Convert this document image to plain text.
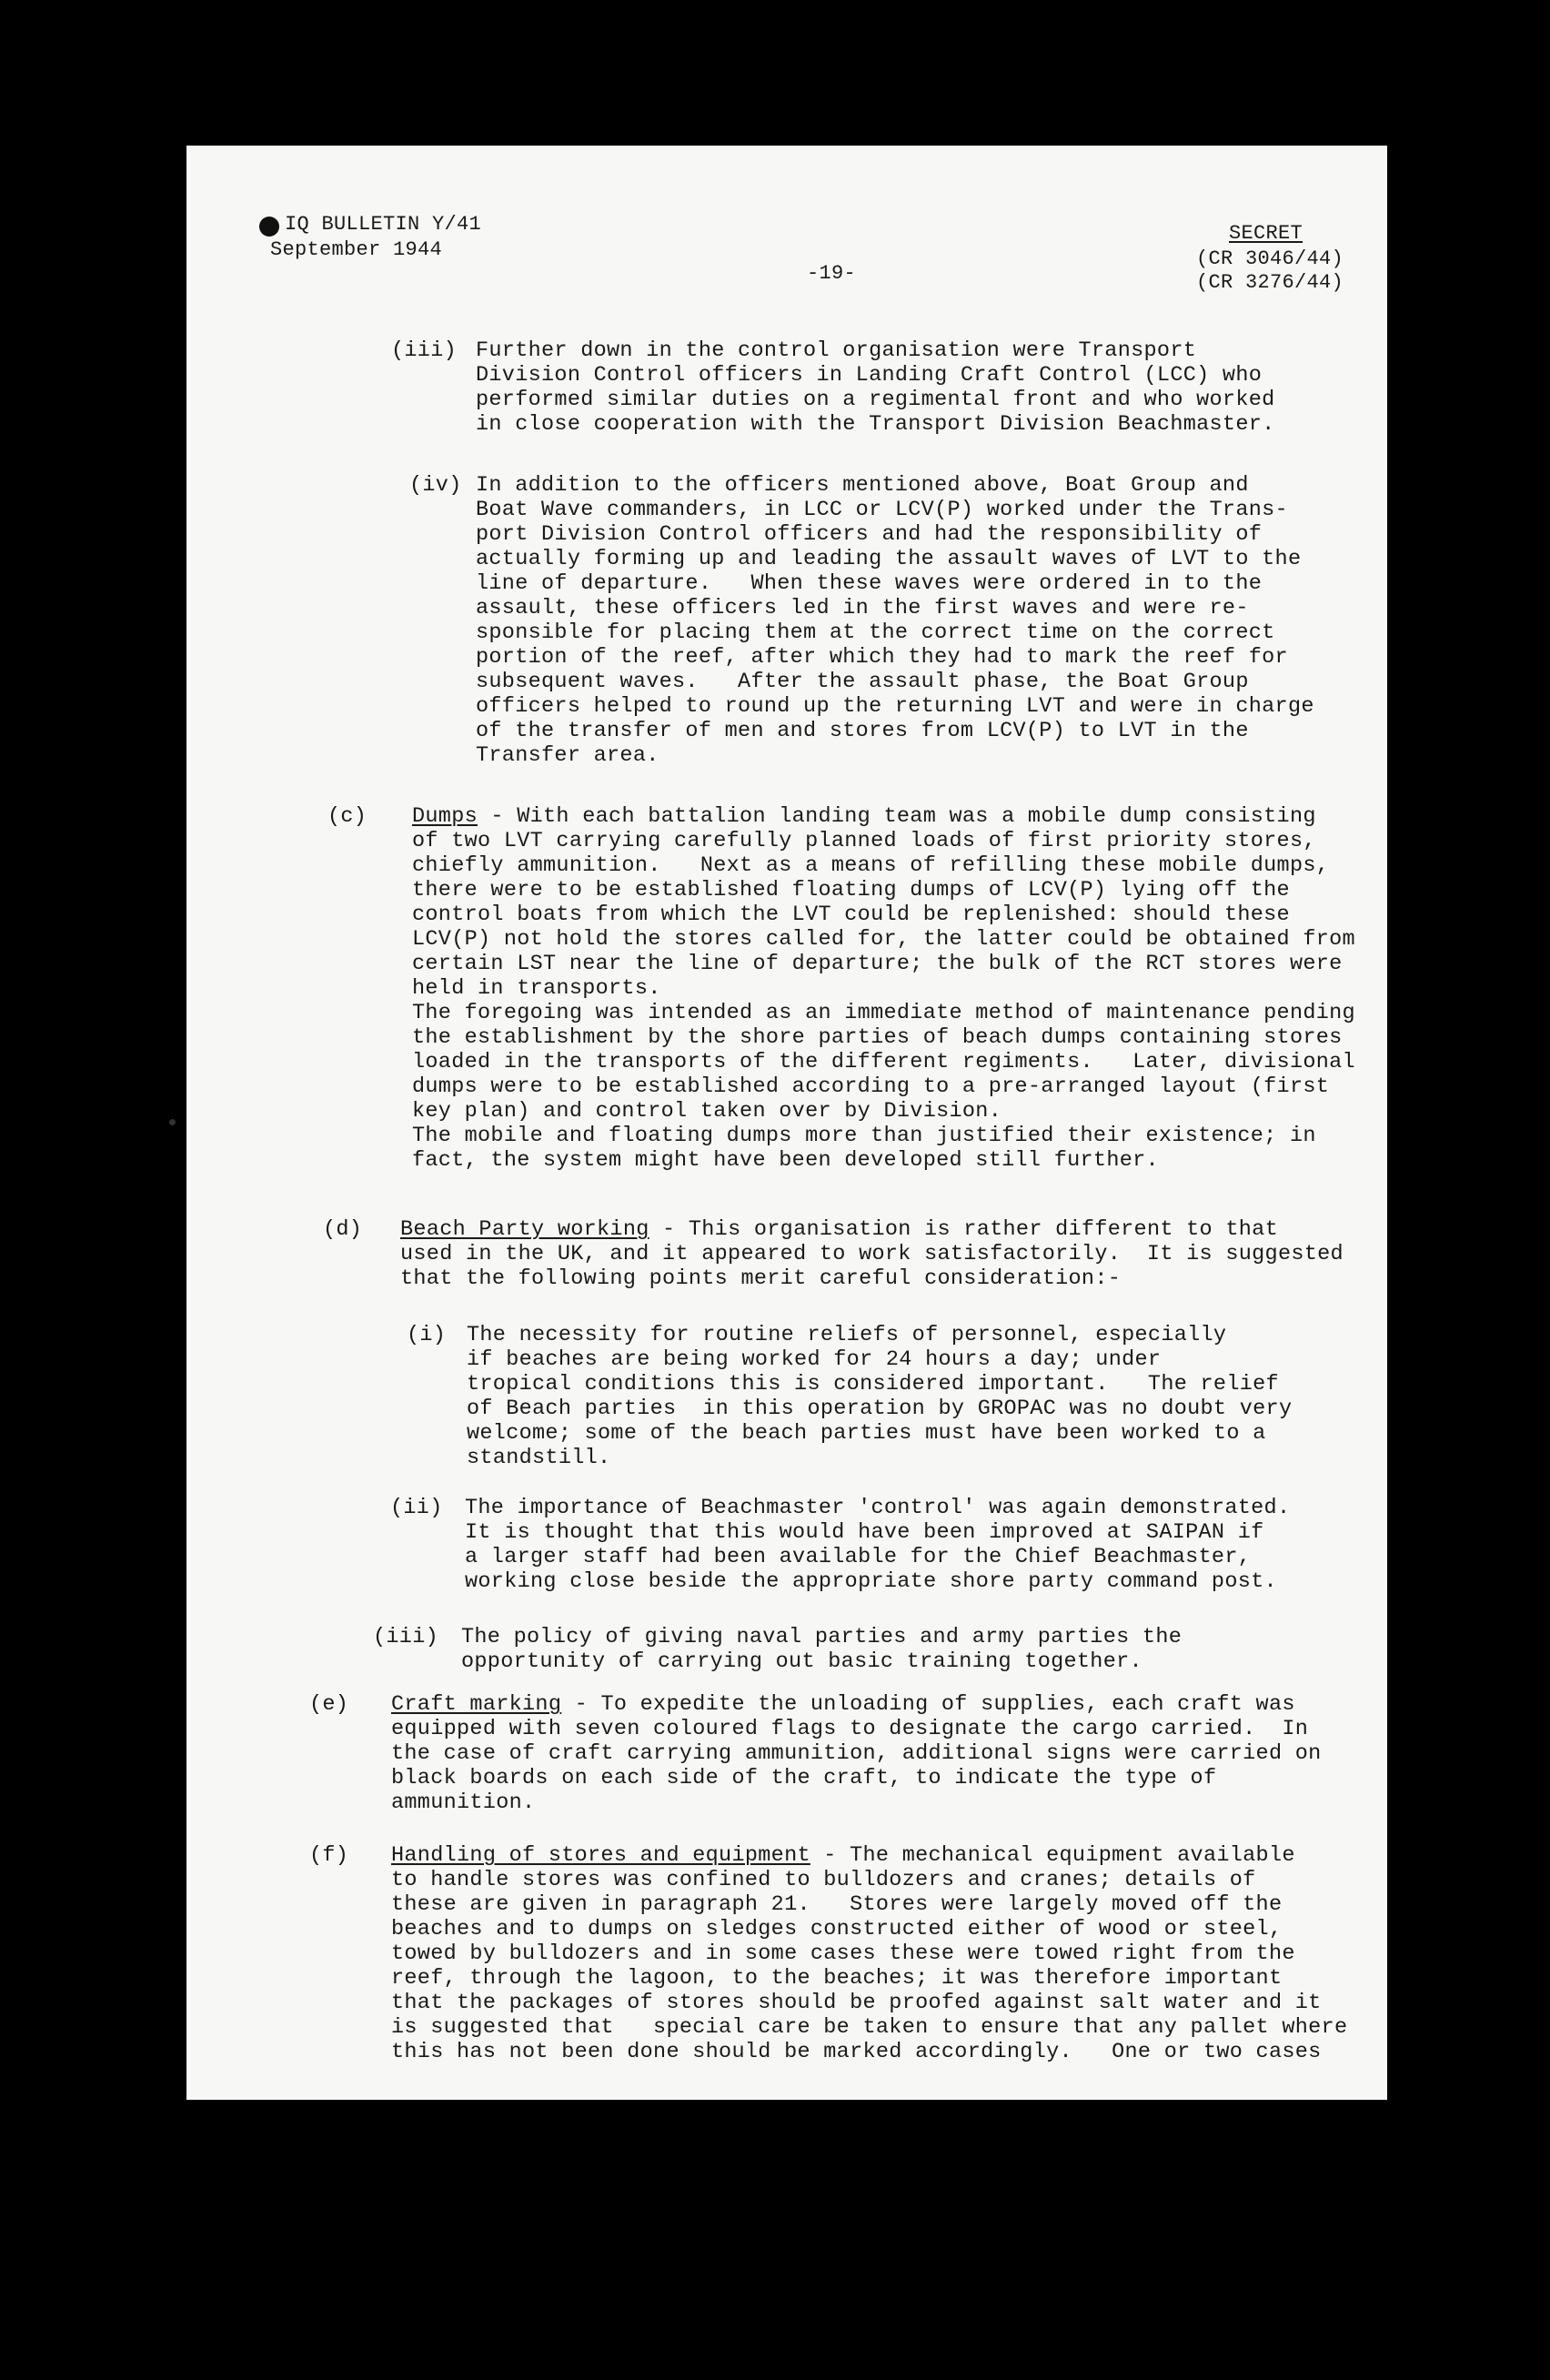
IQ BULLETIN Y/41
September 1944
-19-
SECRET
(CR 3046/44)
(CR 3276/44)
(iii) Further down in the control organisation were Transport
Division Control officers in Landing Craft Control (LCC) who
performed similar duties on a regimental front and who worked
in close cooperation with the Transport Division Beachmaster.
(iv) In addition to the officers mentioned above, Boat Group and
Boat Wave commanders, in LCC or LCV(P) worked under the Trans-
port Division Control officers and had the responsibility of
actually forming up and leading the assault waves of LVT to the
line of departure.   When these waves were ordered in to the
assault, these officers led in the first waves and were re-
sponsible for placing them at the correct time on the correct
portion of the reef, after which they had to mark the reef for
subsequent waves.   After the assault phase, the Boat Group
officers helped to round up the returning LVT and were in charge
of the transfer of men and stores from LCV(P) to LVT in the
Transfer area.
(c) Dumps - With each battalion landing team was a mobile dump consisting
of two LVT carrying carefully planned loads of first priority stores,
chiefly ammunition.   Next as a means of refilling these mobile dumps,
there were to be established floating dumps of LCV(P) lying off the
control boats from which the LVT could be replenished: should these
LCV(P) not hold the stores called for, the latter could be obtained from
certain LST near the line of departure; the bulk of the RCT stores were
held in transports.
The foregoing was intended as an immediate method of maintenance pending
the establishment by the shore parties of beach dumps containing stores
loaded in the transports of the different regiments.   Later, divisional
dumps were to be established according to a pre-arranged layout (first
key plan) and control taken over by Division.
The mobile and floating dumps more than justified their existence; in
fact, the system might have been developed still further.
(d) Beach Party working - This organisation is rather different to that
used in the UK, and it appeared to work satisfactorily.  It is suggested
that the following points merit careful consideration:-
(i) The necessity for routine reliefs of personnel, especially
if beaches are being worked for 24 hours a day; under
tropical conditions this is considered important.   The relief
of Beach parties  in this operation by GROPAC was no doubt very
welcome; some of the beach parties must have been worked to a
standstill.
(ii) The importance of Beachmaster 'control' was again demonstrated.
It is thought that this would have been improved at SAIPAN if
a larger staff had been available for the Chief Beachmaster,
working close beside the appropriate shore party command post.
(iii) The policy of giving naval parties and army parties the
opportunity of carrying out basic training together.
(e) Craft marking - To expedite the unloading of supplies, each craft was
equipped with seven coloured flags to designate the cargo carried.  In
the case of craft carrying ammunition, additional signs were carried on
black boards on each side of the craft, to indicate the type of
ammunition.
(f) Handling of stores and equipment - The mechanical equipment available
to handle stores was confined to bulldozers and cranes; details of
these are given in paragraph 21.   Stores were largely moved off the
beaches and to dumps on sledges constructed either of wood or steel,
towed by bulldozers and in some cases these were towed right from the
reef, through the lagoon, to the beaches; it was therefore important
that the packages of stores should be proofed against salt water and it
is suggested that   special care be taken to ensure that any pallet where
this has not been done should be marked accordingly.   One or two cases
